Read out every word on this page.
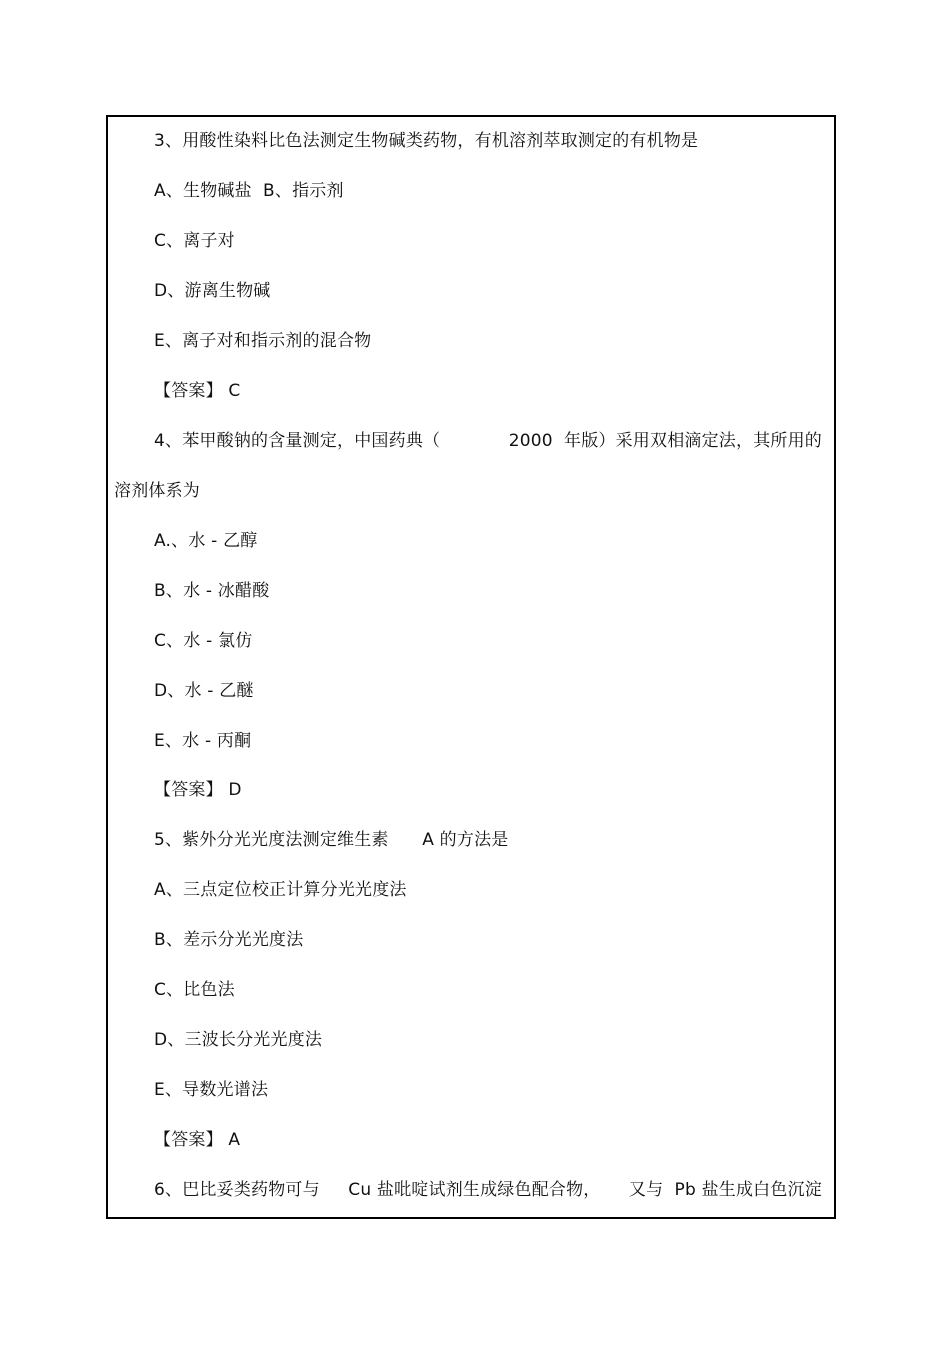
3、用酸性染料比色法测定生物碱类药物，有机溶剂萃取测定的有机物是
A、生物碱盐  B、指示剂
C、离子对
D、游离生物碱
E、离子对和指示剂的混合物
【答案】 C
4、苯甲酸钠的含量测定，中国药典（	2000  年版）采用双相滴定法，其所用的
溶剂体系为
A.、水 - 乙醇
B、水 - 冰醋酸
C、水 - 氯仿
D、水 - 乙醚
E、水 - 丙酮
【答案】 D
5、紫外分光光度法测定维生素      A 的方法是
A、三点定位校正计算分光光度法
B、差示分光光度法
C、比色法
D、三波长分光光度法
E、导数光谱法
【答案】 A
6、巴比妥类药物可与 Cu 盐吡啶试剂生成绿色配合物， 又与  Pb 盐生成白色沉淀
